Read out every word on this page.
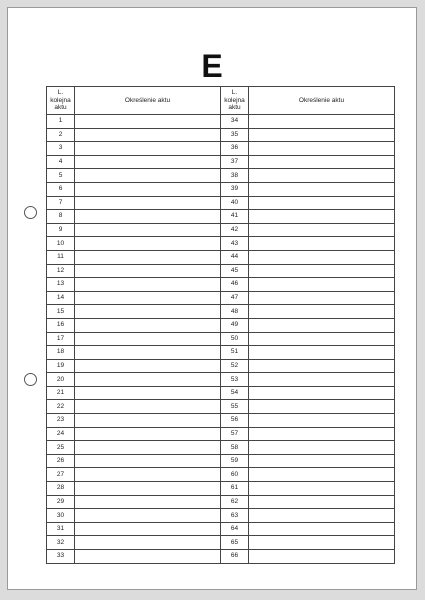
E
L.
kolejna
aktu	Określenie aktu	L.
kolejna
aktu	Określenie aktu
1		34	
2		35	
3		36	
4		37	
5		38	
6		39	
7		40	
8		41	
9		42	
10		43	
11		44	
12		45	
13		46	
14		47	
15		48	
16		49	
17		50	
18		51	
19		52	
20		53	
21		54	
22		55	
23		56	
24		57	
25		58	
26		59	
27		60	
28		61	
29		62	
30		63	
31		64	
32		65	
33		66	
